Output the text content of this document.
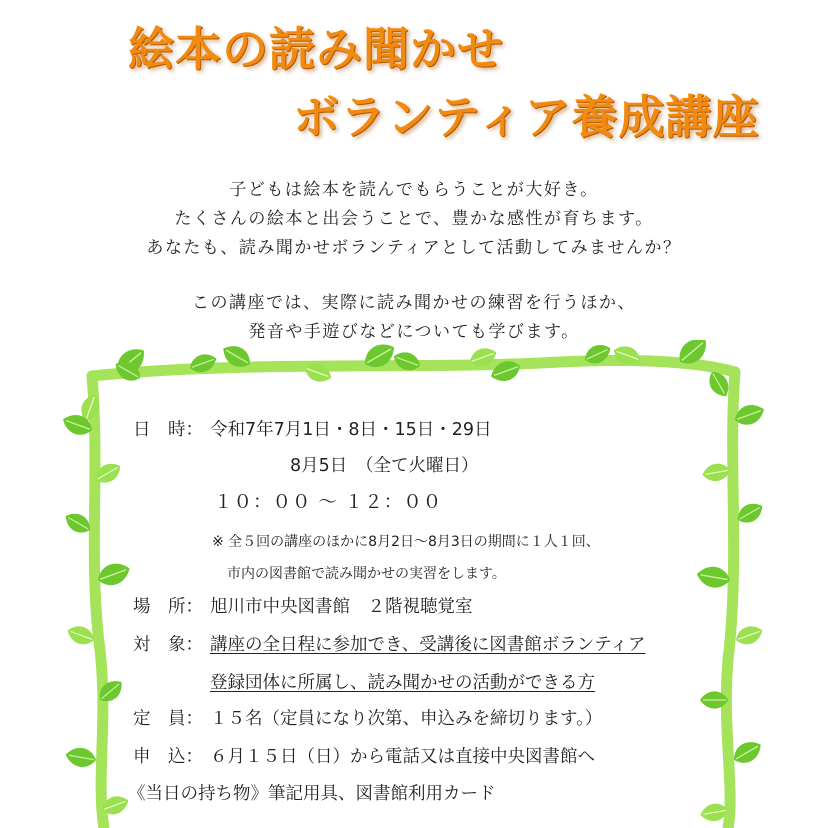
絵本の読み聞かせ
ボランティア養成講座

子どもは絵本を読んでもらうことが大好き。

たくさんの絵本と出会うことで、豊かな感性が育ちます。

あなたも、読み聞かせボランティアとして活動してみませんか？

この講座では、実際に読み聞かせの練習を行うほか、

発音や手遊びなどについても学びます。

日　時： 令和7年7月1日・8日・15日・29日

8月5日　（全て火曜日）

１０：００ ～ １２：００

※ 全５回の講座のほかに8月2日～8月3日の期間に１人１回、

市内の図書館で読み聞かせの実習をします。

場　所： 旭川市中央図書館　２階視聴覚室

対　象： 講座の全日程に参加でき、受講後に図書館ボランティア

登録団体に所属し、読み聞かせの活動ができる方

定　員： １５名（定員になり次第、申込みを締切ります。）

申　込： ６月１５日（日）から電話又は直接中央図書館へ

《当日の持ち物》筆記用具、図書館利用カード
